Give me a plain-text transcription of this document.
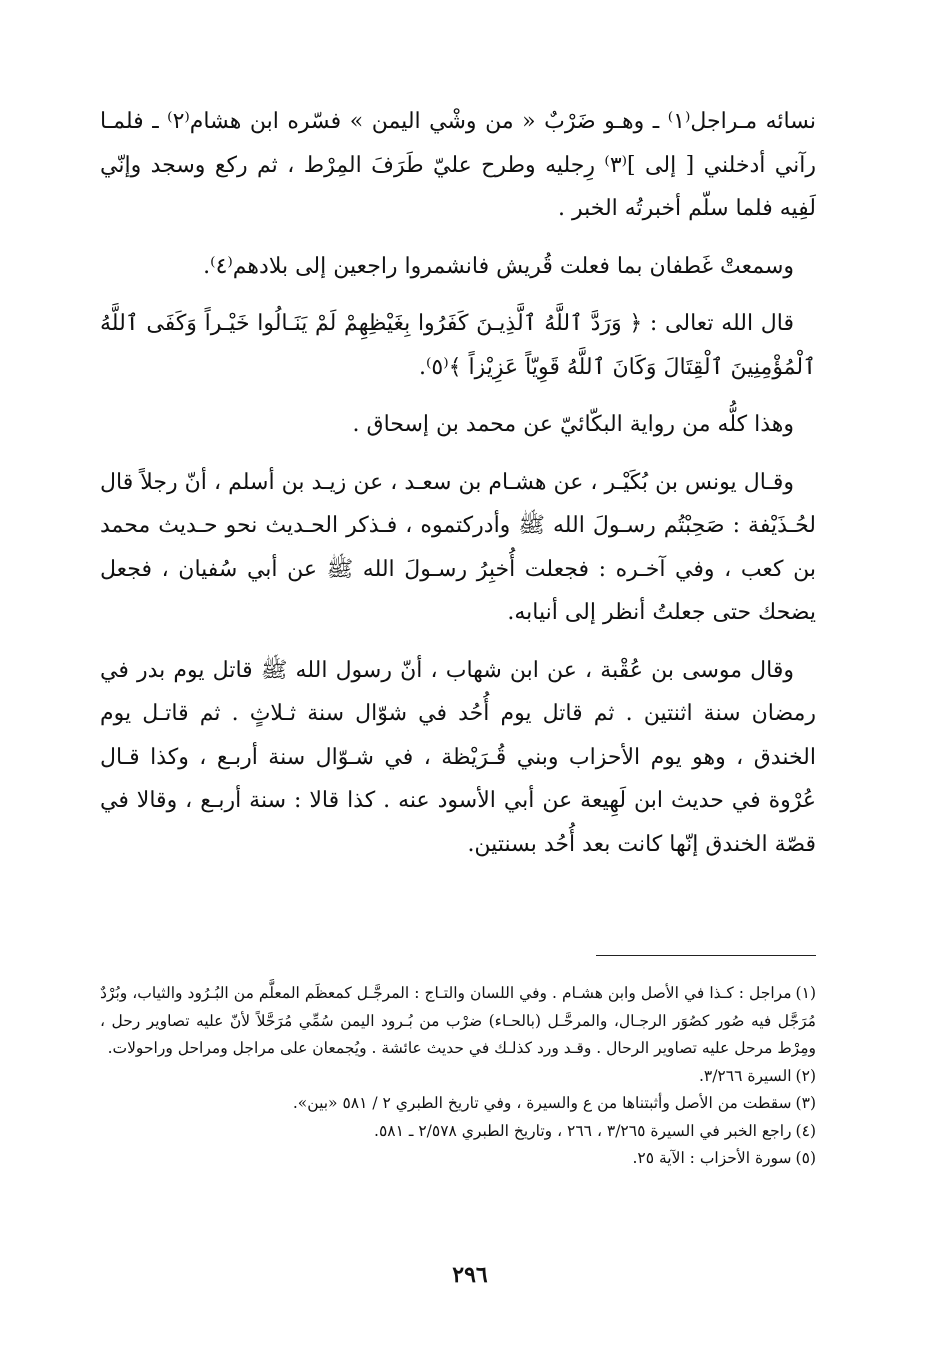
نسائه مـراجل⁽١⁾ ـ وهـو ضَرْبٌ « من وشْي اليمن » فسّره ابن هشام⁽٢⁾ ـ فلمـا رآني أدخلني [ إلى ]⁽٣⁾ رِجليه وطرح عليّ طَرَفَ المِرْط ، ثم ركع وسجد وإنّي لَفِيه فلما سلّم أخبرتُه الخبر .

وسمعتْ غَطفان بما فعلت قُريش فانشمروا راجعين إلى بلادهم⁽٤⁾.

قال الله تعالى : ﴿ وَرَدَّ ٱللَّهُ ٱلَّذِيـنَ كَفَرُوا بِغَيْظِهِمْ لَمْ يَنَـالُوا خَيْـراً وَكَفَى ٱللَّهُ ٱلْمُؤْمِنِينَ ٱلْقِتَالَ وَكَانَ ٱللَّهُ قَوِيّاً عَزِيْزاً ﴾⁽٥⁾.

وهذا كلُّه من رواية البكّائيّ عن محمد بن إسحاق .

وقـال يونس بن بُكَيْـر ، عن هشـام بن سعـد ، عن زيـد بن أسلم ، أنّ رجلاً قال لحُـذَيْفة : صَحِبْتُم رسـولَ الله ﷺ وأدركتموه ، فـذكر الحـديث نحو حـديث محمد بن كعب ، وفي آخـره : فجعلت أُخبِرُ رسـولَ الله ﷺ عن أبي سُفيان ، فجعل يضحك حتى جعلتُ أنظر إلى أنيابه.

وقال موسى بن عُقْبة ، عن ابن شهاب ، أنّ رسول الله ﷺ قاتل يوم بدر في رمضان سنة اثنتين . ثم قاتل يوم أُحُد في شوّال سنة ثـلاثٍ . ثم قاتـل يوم الخندق ، وهو يوم الأحزاب وبني قُـرَيْظة ، في شـوّال سنة أربـع ، وكذا قـال عُرْوة في حديث ابن لَهِيعة عن أبي الأسود عنه . كذا قالا : سنة أربـع ، وقالا في قصّة الخندق إنّها كانت بعد أُحُد بسنتين.

(١)مراجل : كـذا في الأصل وابن هشـام . وفي اللسان والتـاج : المرجَّـل كمعظَم المعلَّم من البُـرُود والثياب، وبُرْدٌ مُرَجَّل فيه صُور كصُوَر الرجـال، والمرحَّـل (بالحـاء) ضرْب من بُـرود اليمن سُمِّي مُرَحَّلاً لأنّ عليه تصاوير رحل ، ومِرْط مرحل عليه تصاوير الرحال . وقـد ورد كذلـك في حديث عائشة . ويُجمعان على مراجل ومراحل وراحولات.

(٢)السيرة ٣/٢٦٦.

(٣)سقطت من الأصل وأثبتناها من ع والسيرة ، وفي تاريخ الطبري ٢ / ٥٨١ «بين».

(٤)راجع الخبر في السيرة ٣/٢٦٥ ، ٢٦٦ ، وتاريخ الطبري ٢/٥٧٨ ـ ٥٨١.

(٥)سورة الأحزاب : الآية ٢٥.

٢٩٦
